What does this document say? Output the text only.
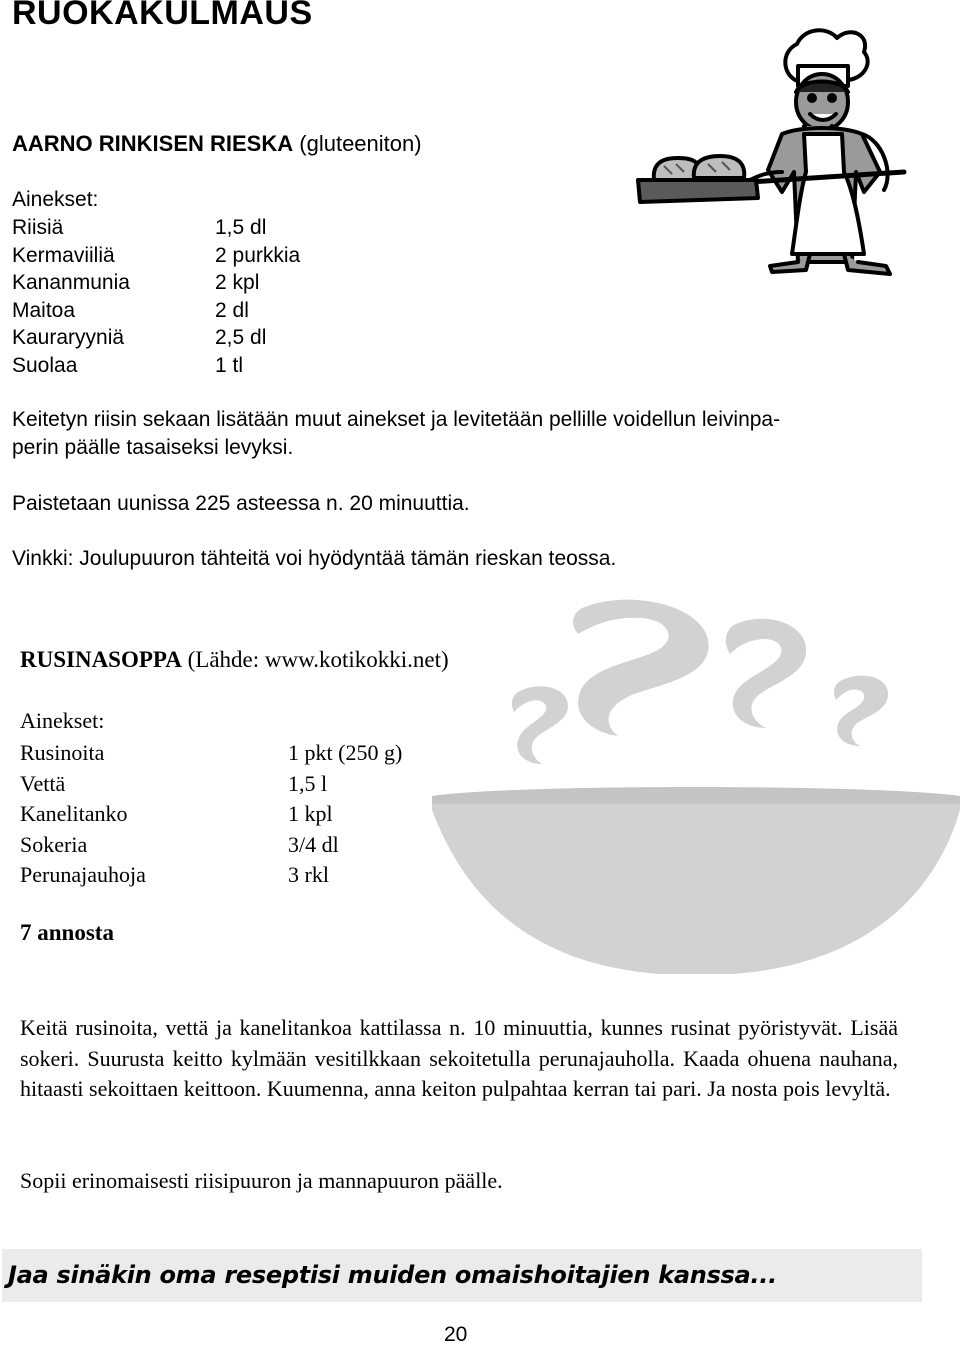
RUOKAKULMAUS
AARNO RINKISEN RIESKA (gluteeniton)
Ainekset:
Riisiä	1,5 dl
Kermaviiliä	2 purkkia
Kananmunia	2 kpl
Maitoa	2 dl
Kauraryyniä	2,5 dl
Suolaa	1 tl
Keitetyn riisin sekaan lisätään muut ainekset ja levitetään pellille voidellun leivinpa-
perin päälle tasaiseksi levyksi.
Paistetaan uunissa 225 asteessa n. 20 minuuttia.
Vinkki: Joulupuuron tähteitä voi hyödyntää tämän rieskan teossa.
RUSINASOPPA (Lähde: www.kotikokki.net)
Ainekset:
Rusinoita	1 pkt (250 g)
Vettä	1,5 l
Kanelitanko	1 kpl
Sokeria	3/4 dl
Perunajauhoja	3 rkl
7 annosta
Keitä rusinoita, vettä ja kanelitankoa kattilassa n. 10 minuuttia, kunnes rusinat pyöristyvät. Lisää sokeri. Suurusta keitto kylmään vesitilkkaan sekoitetulla perunajauholla. Kaada ohuena nauhana, hitaasti sekoittaen keittoon. Kuumenna, anna keiton pulpahtaa kerran tai pari. Ja nosta pois levyltä.
Sopii erinomaisesti riisipuuron ja mannapuuron päälle.
Jaa sinäkin oma reseptisi muiden omaishoitajien kanssa...
20
